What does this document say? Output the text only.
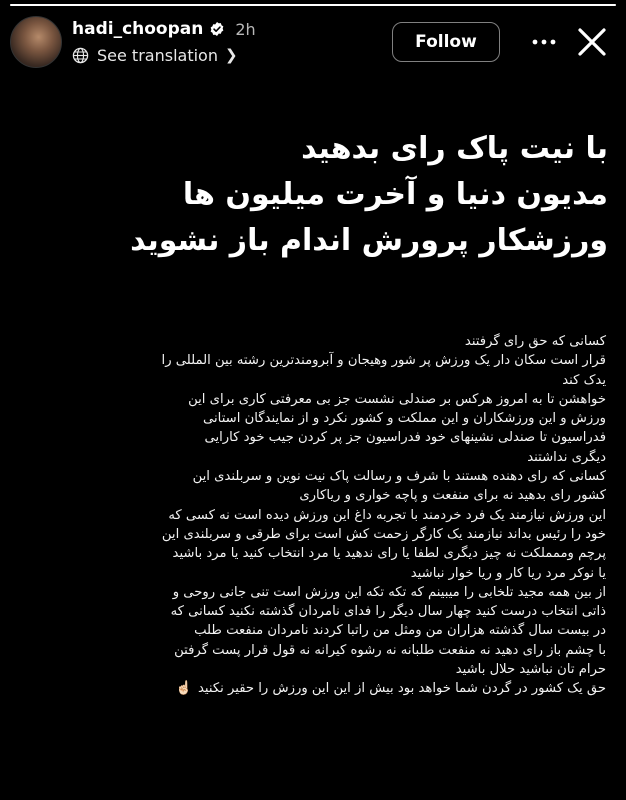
hadi_choopan 2h
See translation ❯
Follow
با نیت پاک رای بدهید
مدیون دنیا و آخرت میلیون ها
ورزشکار پرورش اندام باز نشوید
کسانی که حق رای گرفتند
قرار است سکان دار یک ورزش پر شور وهیجان و آبرومندترین رشته بین المللی را
یدک کند
خواهشن تا به امروز هرکس بر صندلی نشست جز بی معرفتی کاری برای این
ورزش و این ورزشکاران و این مملکت و کشور نکرد و از نمایندگان استانی
فدراسیون تا صندلی نشینهای خود فدراسیون جز پر کردن جیب خود کارایی
دیگری نداشتند
کسانی که رای دهنده هستند با شرف و رسالت پاک نیت نوین و سربلندی این
کشور رای بدهید نه برای منفعت و پاچه خواری و ریاکاری
این ورزش نیازمند یک فرد خردمند با تجربه داغ این ورزش دیده است نه کسی که
خود را رئیس بداند نیازمند یک کارگر زحمت کش است برای طرقی و سربلندی این
پرچم وممملکت نه چیز دیگری لطفا یا رای ندهید یا مرد انتخاب کنید یا مرد باشید
یا نوکر مرد ریا کار و ریا خوار نباشید
از بین همه مجید تلخابی را میبینم که تکه تکه این ورزش است تنی جانی روحی و
ذاتی انتخاب درست کنید چهار سال دیگر را فدای نامردان گذشته نکنید کسانی که
در بیست سال گذشته هزاران من ومثل من راتبا کردند نامردان منفعت طلب
با چشم باز رای دهید نه منفعت طلبانه نه رشوه کیرانه نه قول قرار پست گرفتن
حرام تان نباشید حلال باشید
حق یک کشور در گردن شما خواهد بود بیش از این این ورزش را حقیر نکنید☝🏻
